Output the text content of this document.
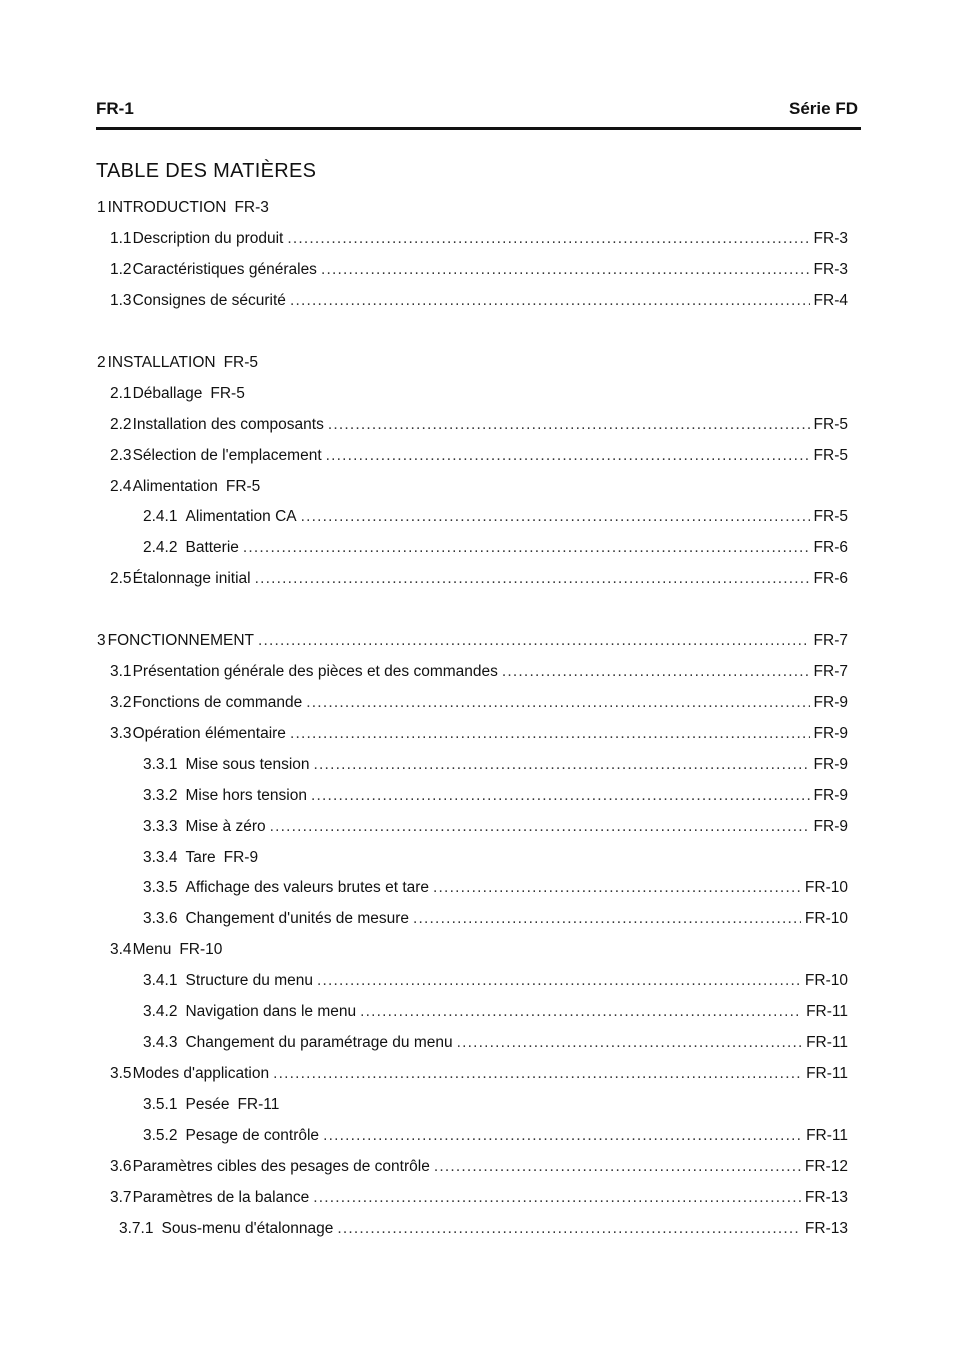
FR-1	Série FD
TABLE DES MATIÈRES
1 INTRODUCTION FR-3
1.1 Description du produit .....	FR-3
1.2 Caractéristiques générales .....	FR-3
1.3 Consignes de sécurité .....	FR-4
2 INSTALLATION FR-5
2.1 Déballage FR-5
2.2 Installation des composants .....	FR-5
2.3 Sélection de l'emplacement .....	FR-5
2.4 Alimentation FR-5
2.4.1 Alimentation CA .....	FR-5
2.4.2 Batterie .....	FR-6
2.5 Étalonnage initial .....	FR-6
3 FONCTIONNEMENT .....	FR-7
3.1 Présentation générale des pièces et des commandes .....	FR-7
3.2 Fonctions de commande .....	FR-9
3.3 Opération élémentaire .....	FR-9
3.3.1 Mise sous tension .....	FR-9
3.3.2 Mise hors tension .....	FR-9
3.3.3 Mise à zéro .....	FR-9
3.3.4 Tare FR-9
3.3.5 Affichage des valeurs brutes et tare .....	FR-10
3.3.6 Changement d'unités de mesure .....	FR-10
3.4 Menu FR-10
3.4.1 Structure du menu .....	FR-10
3.4.2 Navigation dans le menu .....	FR-11
3.4.3 Changement du paramétrage du menu .....	FR-11
3.5 Modes d'application .....	FR-11
3.5.1 Pesée FR-11
3.5.2 Pesage de contrôle .....	FR-11
3.6 Paramètres cibles des pesages de contrôle .....	FR-12
3.7 Paramètres de la balance .....	FR-13
3.7.1 Sous-menu d'étalonnage .....	FR-13
